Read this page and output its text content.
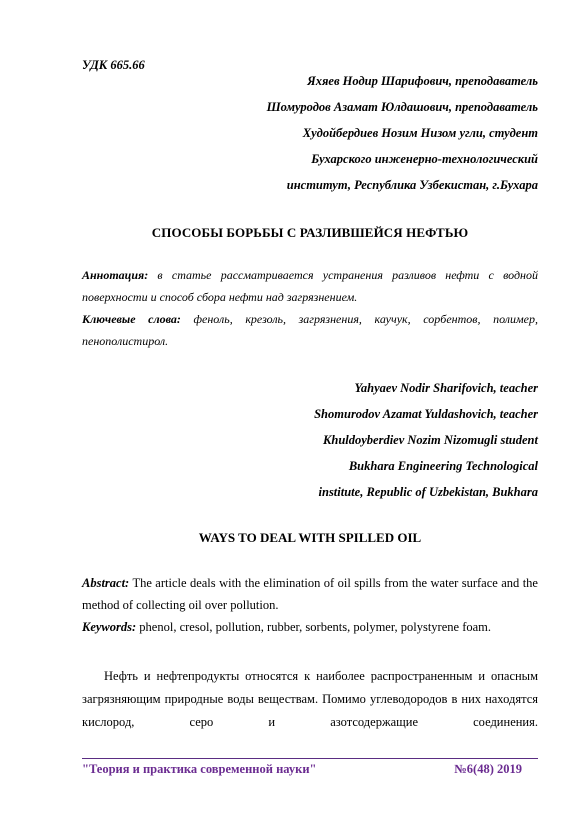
УДК 665.66
Яхяев Нодир Шарифович, преподаватель
Шомуродов Азамат Юлдашович, преподаватель
Худойбердиев Нозим Низом угли, студент
Бухарского инженерно-технологический
институт, Республика Узбекистан, г.Бухара
СПОСОБЫ БОРЬБЫ С РАЗЛИВШЕЙСЯ НЕФТЬЮ

Аннотация: в статье рассматривается устранения разливов нефти с водной поверхности и способ сбора нефти над загрязнением.

Ключевые слова: феноль, крезоль, загрязнения, каучук, сорбентов, полимер, пенополистирол.

Yahyaev Nodir Sharifovich, teacher
Shomurodov Azamat Yuldashovich, teacher
Khuldoyberdiev Nozim Nizomugli student
Bukhara Engineering Technological
institute, Republic of Uzbekistan, Bukhara
WAYS TO DEAL WITH SPILLED OIL

Abstract: The article deals with the elimination of oil spills from the water surface and the method of collecting oil over pollution.

Keywords: phenol, cresol, pollution, rubber, sorbents, polymer, polystyrene foam.

Нефть и нефтепродукты относятся к наиболее распространенным и опасным загрязняющим природные воды веществам. Помимо углеводородов в них находятся кислород, серо и азотсодержащие соединения.

"Теория и практика современной науки"	№6(48) 2019
